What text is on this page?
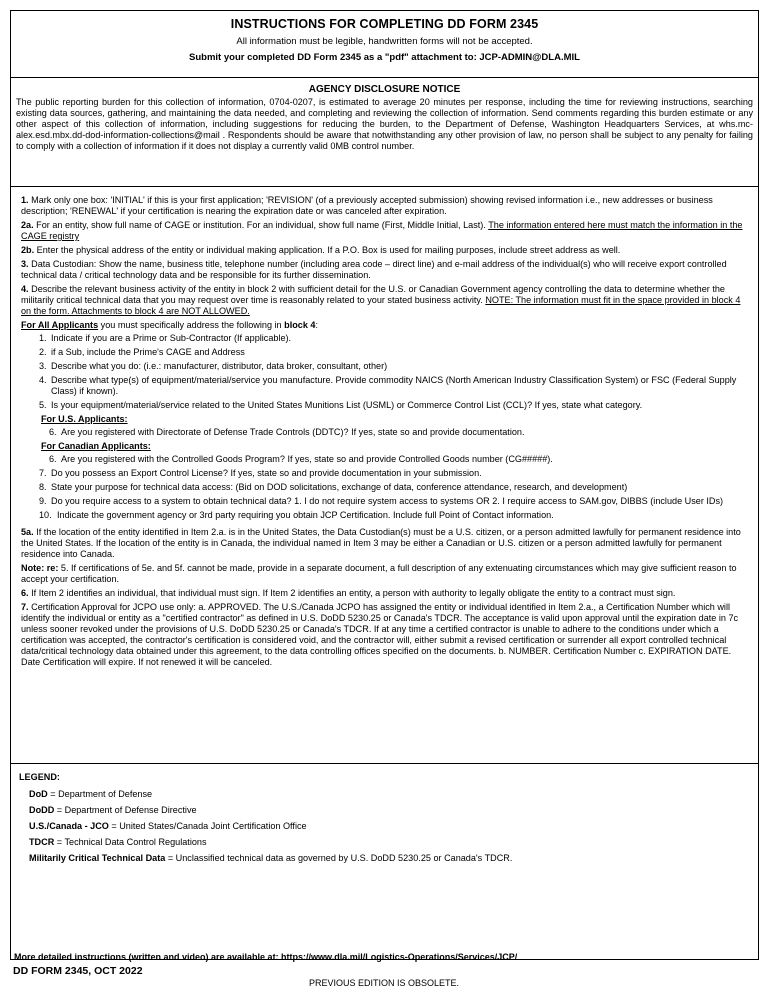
INSTRUCTIONS FOR COMPLETING DD FORM 2345
All information must be legible, handwritten forms will not be accepted.
Submit your completed DD Form 2345 as a "pdf" attachment to: JCP-ADMIN@DLA.MIL
AGENCY DISCLOSURE NOTICE
The public reporting burden for this collection of information, 0704-0207, is estimated to average 20 minutes per response, including the time for reviewing instructions, searching existing data sources, gathering, and maintaining the data needed, and completing and reviewing the collection of information. Send comments regarding this burden estimate or any other aspect of this collection of information, including suggestions for reducing the burden, to the Department of Defense, Washington Headquarters Services, at whs.mc-alex.esd.mbx.dd-dod-information-collections@mail . Respondents should be aware that notwithstanding any other provision of law, no person shall be subject to any penalty for failing to comply with a collection of information if it does not display a currently valid 0MB control number.

1. Mark only one box: 'INITIAL' if this is your first application; 'REVISION' (of a previously accepted submission) showing revised information i.e., new addresses or business description; 'RENEWAL' if your certification is nearing the expiration date or was canceled after expiration.

2a. For an entity, show full name of CAGE or institution. For an individual, show full name (First, Middle Initial, Last). The information entered here must match the information in the CAGE registry

2b. Enter the physical address of the entity or individual making application. If a P.O. Box is used for mailing purposes, include street address as well.

3. Data Custodian: Show the name, business title, telephone number (including area code – direct line) and e-mail address of the individual(s) who will receive export controlled technical data / critical technology data and be responsible for its further dissemination.

4. Describe the relevant business activity of the entity in block 2 with sufficient detail for the U.S. or Canadian Government agency controlling the data to determine whether the militarily critical technical data that you may request over time is reasonably related to your stated business activity. NOTE: The information must fit in the space provided in block 4 on the form. Attachments to block 4 are NOT ALLOWED.

For All Applicants you must specifically address the following in block 4:
1. Indicate if you are a Prime or Sub-Contractor (If applicable).
2. if a Sub, include the Prime's CAGE and Address
3. Describe what you do: (i.e.: manufacturer, distributor, data broker, consultant, other)
4. Describe what type(s) of equipment/material/service you manufacture. Provide commodity NAICS (North American Industry Classification System) or FSC (Federal Supply Class) if known).
5. Is your equipment/material/service related to the United States Munitions List (USML) or Commerce Control List (CCL)? If yes, state what category.
For U.S. Applicants:
6. Are you registered with Directorate of Defense Trade Controls (DDTC)? If yes, state so and provide documentation.
For Canadian Applicants:
6. Are you registered with the Controlled Goods Program? If yes, state so and provide Controlled Goods number (CG#####).
7. Do you possess an Export Control License? If yes, state so and provide documentation in your submission.
8. State your purpose for technical data access: (Bid on DOD solicitations, exchange of data, conference attendance, research, and development)
9. Do you require access to a system to obtain technical data? 1. I do not require system access to systems OR 2. I require access to SAM.gov, DIBBS (include User IDs)
10. Indicate the government agency or 3rd party requiring you obtain JCP Certification. Include full Point of Contact information.

5a. If the location of the entity identified in Item 2.a. is in the United States, the Data Custodian(s) must be a U.S. citizen, or a person admitted lawfully for permanent residence into the United States. If the location of the entity is in Canada, the individual named in Item 3 may be either a Canadian or U.S. citizen or a person admitted lawfully for permanent residence into Canada.

Note: re: 5. If certifications of 5e. and 5f. cannot be made, provide in a separate document, a full description of any extenuating circumstances which may give sufficient reason to accept your certification.

6. If Item 2 identifies an individual, that individual must sign. If Item 2 identifies an entity, a person with authority to legally obligate the entity to a contract must sign.

7. Certification Approval for JCPO use only: a. APPROVED. The U.S./Canada JCPO has assigned the entity or individual identified in Item 2.a., a Certification Number which will identify the individual or entity as a "certified contractor" as defined in U.S. DoDD 5230.25 or Canada's TDCR. The acceptance is valid upon approval until the expiration date in 7c unless sooner revoked under the provisions of U.S. DoDD 5230.25 or Canada's TDCR. If at any time a certified contractor is unable to adhere to the conditions under which a certification was accepted, the contractor's certification is considered void, and the contractor will, either submit a revised certification or surrender all export controlled technical data/critical technology data obtained under this agreement, to the data controlling offices specified on the documents. b. NUMBER. Certification Number c. EXPIRATION DATE. Date Certification will expire. If not renewed it will be canceled.

LEGEND:
DoD = Department of Defense
DoDD = Department of Defense Directive
U.S./Canada - JCO = United States/Canada Joint Certification Office
TDCR = Technical Data Control Regulations
Militarily Critical Technical Data = Unclassified technical data as governed by U.S. DoDD 5230.25 or Canada's TDCR.
More detailed instructions (written and video) are available at: https://www.dla.mil/Logistics-Operations/Services/JCP/
DD FORM 2345, OCT 2022
PREVIOUS EDITION IS OBSOLETE.
